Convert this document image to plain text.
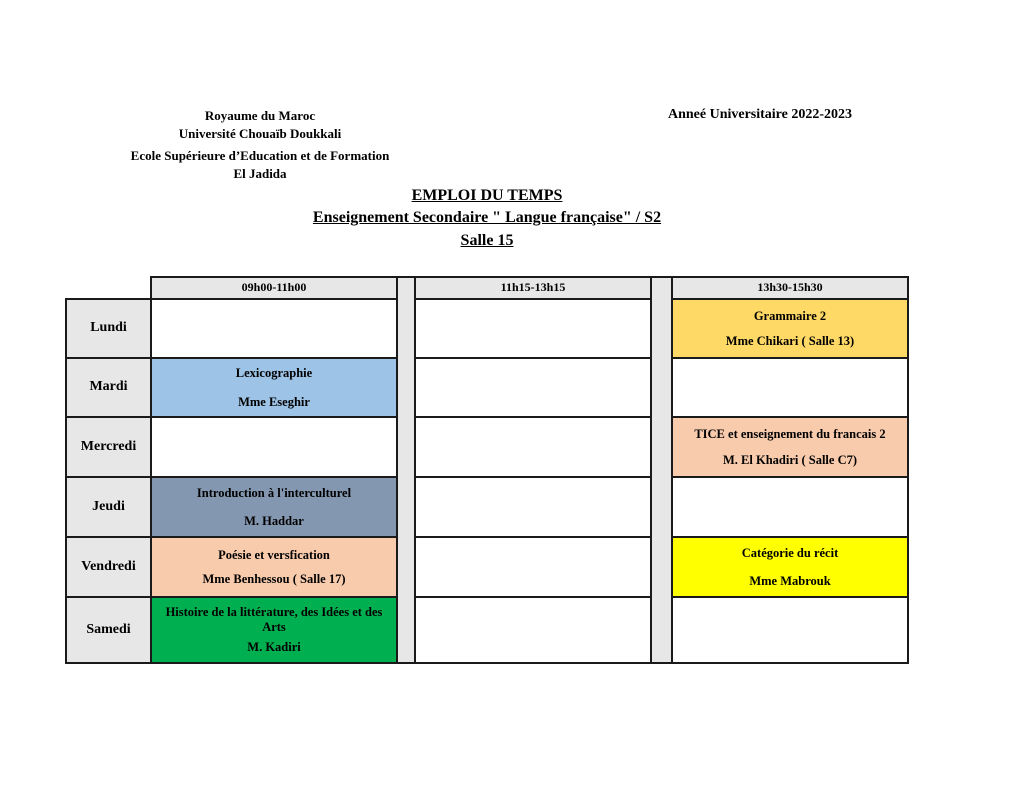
Royaume du Maroc
Université Chouaïb Doukkali
Ecole Supérieure d’Education et de Formation
El Jadida
Anneé Universitaire 2022-2023
EMPLOI DU TEMPS
Enseignement Secondaire " Langue française" / S2
Salle 15
09h00-11h00	11h15-13h15	13h30-15h30
Lundi
Mardi
Mercredi
Jeudi
Vendredi
Samedi
Grammaire 2
Mme Chikari ( Salle 13)
Lexicographie
Mme Eseghir
TICE et enseignement du francais 2
M. El Khadiri ( Salle C7)
Introduction à l'interculturel
M. Haddar
Poésie et versfication
Mme Benhessou ( Salle 17)
Catégorie du récit
Mme Mabrouk
Histoire de la littérature, des Idées et des Arts
M. Kadiri
